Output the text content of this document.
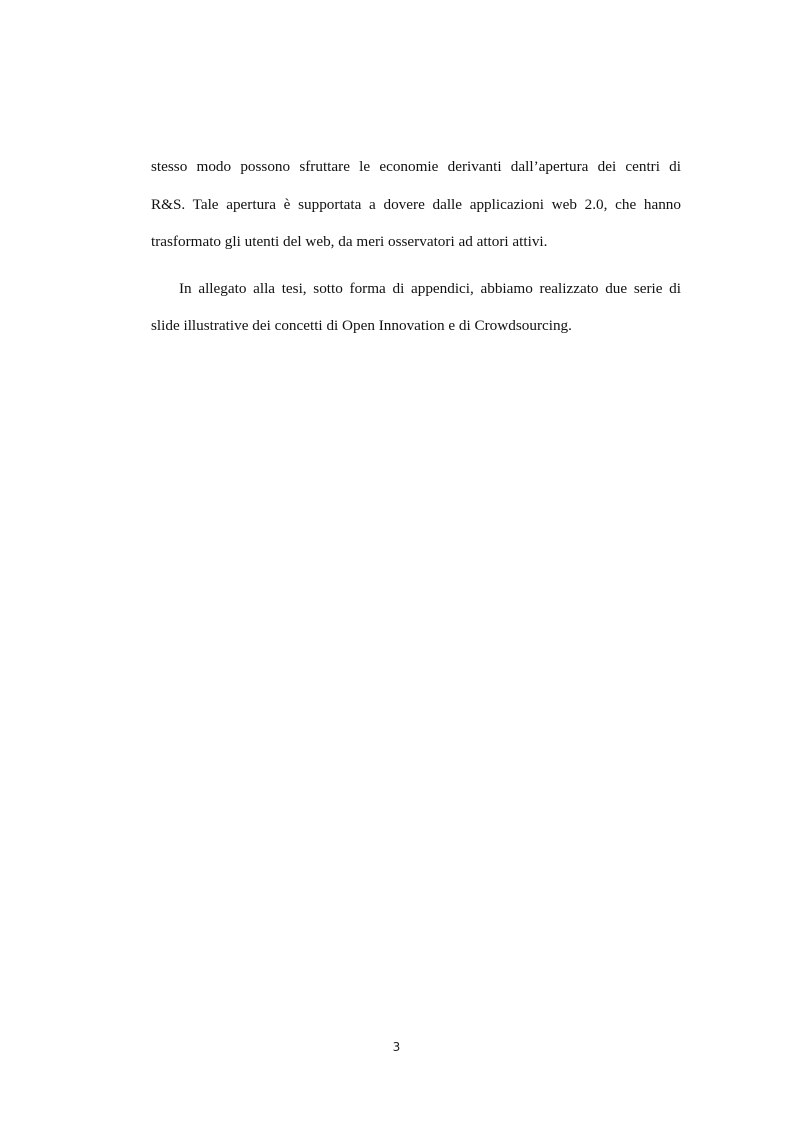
stesso modo possono sfruttare le economie derivanti dall’apertura dei centri di
R&S. Tale apertura è supportata a dovere dalle applicazioni web 2.0, che hanno
trasformato gli utenti del web, da meri osservatori ad attori attivi.

In allegato alla tesi, sotto forma di appendici, abbiamo realizzato due serie di
slide illustrative dei concetti di Open Innovation e di Crowdsourcing.

3
